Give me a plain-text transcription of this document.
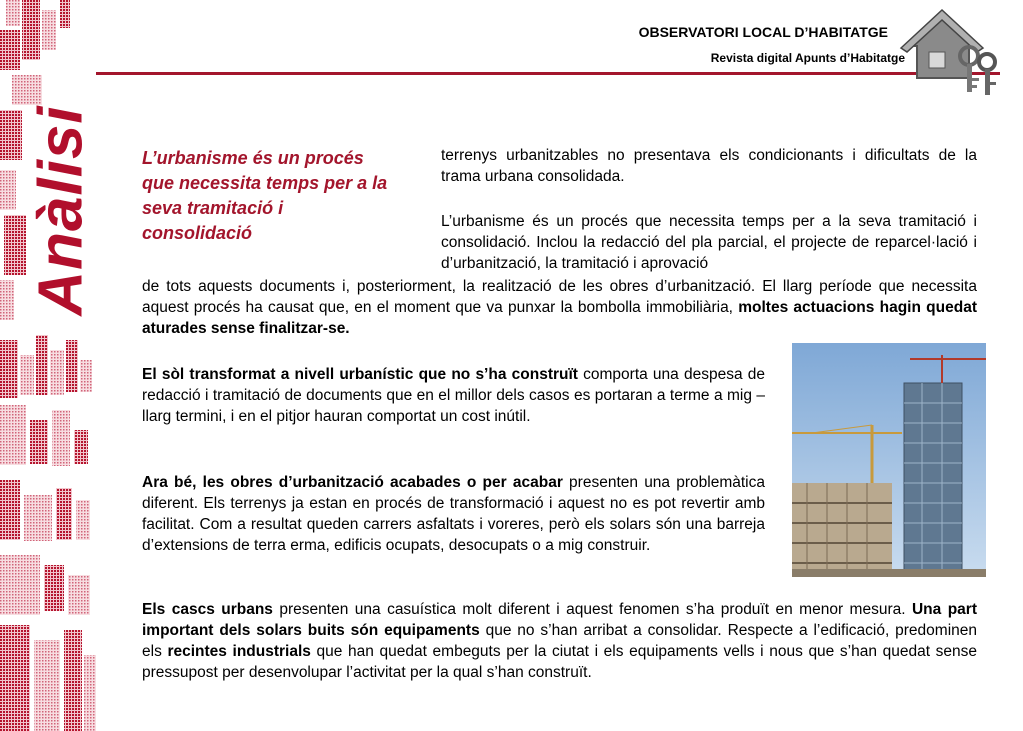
Anàlisi
OBSERVATORI LOCAL D’HABITATGE
Revista digital Apunts d’Habitatge
L’urbanisme és un procés que necessita temps per a la seva tramitació i consolidació
terrenys urbanitzables no presentava els condicionants i dificultats de la trama urbana consolidada.
L’urbanisme és un procés que necessita temps per a la seva tramitació i consolidació. Inclou la redacció del pla parcial, el projecte de reparcel·lació i d’urbanització, la tramitació i aprovació
de tots aquests documents i, posteriorment, la realització de les obres d’urbanització. El llarg període que necessita aquest procés ha causat que, en el moment que va punxar la bombolla immobiliària, moltes actuacions hagin quedat aturades sense finalitzar-se.
El sòl transformat a nivell urbanístic que no s’ha construït comporta una despesa de redacció i tramitació de documents que en el millor dels casos es portaran a terme a mig – llarg termini, i en el pitjor hauran comportat un cost inútil.
Ara bé, les obres d’urbanització acabades o per acabar presenten una problemàtica diferent. Els terrenys ja estan en procés de transformació i aquest no es pot revertir amb facilitat. Com a resultat queden carrers asfaltats i voreres, però els solars són una barreja d’extensions de terra erma, edificis ocupats, desocupats o a mig construir.
Els cascs urbans presenten una casuística molt diferent i aquest fenomen s’ha produït en menor mesura. Una part important dels solars buits són equipaments que no s’han arribat a consolidar. Respecte a l’edificació, predominen els recintes industrials que han quedat embeguts per la ciutat i els equipaments vells i nous que s’han quedat sense pressupost per desenvolupar l’activitat per la qual s’han construït.
